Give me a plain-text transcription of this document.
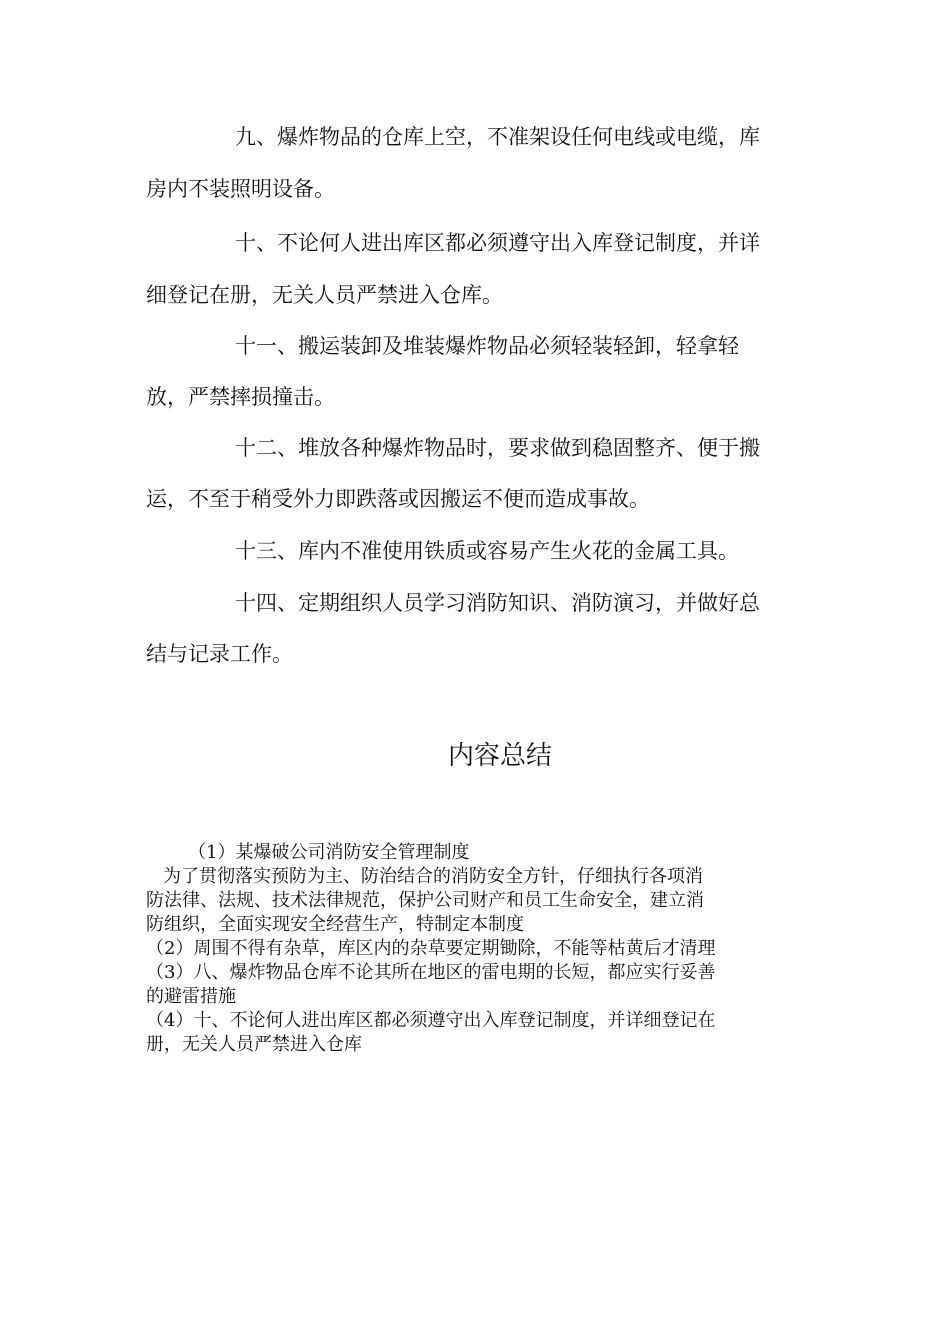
九、爆炸物品的仓库上空，不准架设任何电线或电缆，库
房内不装照明设备。
十、不论何人进出库区都必须遵守出入库登记制度，并详
细登记在册，无关人员严禁进入仓库。
十一、搬运装卸及堆装爆炸物品必须轻装轻卸，轻拿轻
放，严禁摔损撞击。
十二、堆放各种爆炸物品时，要求做到稳固整齐、便于搬
运，不至于稍受外力即跌落或因搬运不便而造成事故。
十三、库内不准使用铁质或容易产生火花的金属工具。
十四、定期组织人员学习消防知识、消防演习，并做好总
结与记录工作。
内容总结
（1）某爆破公司消防安全管理制度
为了贯彻落实预防为主、防治结合的消防安全方针，仔细执行各项消
防法律、法规、技术法律规范，保护公司财产和员工生命安全，建立消
防组织，全面实现安全经营生产，特制定本制度
（2）周围不得有杂草，库区内的杂草要定期锄除，不能等枯黄后才清理
（3）八、爆炸物品仓库不论其所在地区的雷电期的长短，都应实行妥善
的避雷措施
（4）十、不论何人进出库区都必须遵守出入库登记制度，并详细登记在
册，无关人员严禁进入仓库
